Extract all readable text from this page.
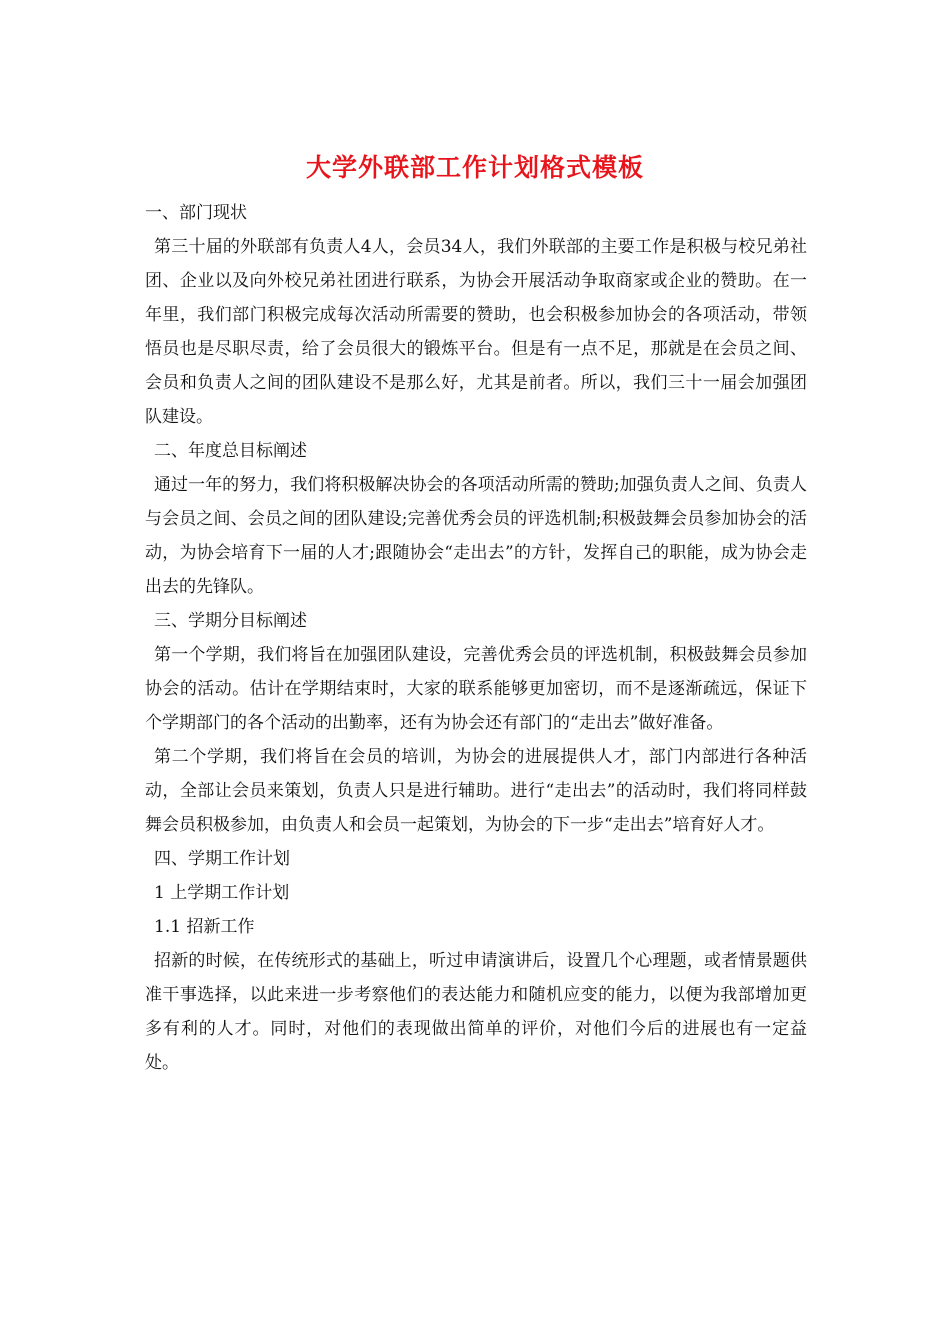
大学外联部工作计划格式模板

一、部门现状

第三十届的外联部有负责人4人，会员34人，我们外联部的主要工作是积极与校兄弟社团、企业以及向外校兄弟社团进行联系，为协会开展活动争取商家或企业的赞助。在一年里，我们部门积极完成每次活动所需要的赞助，也会积极参加协会的各项活动，带领悟员也是尽职尽责，给了会员很大的锻炼平台。但是有一点不足，那就是在会员之间、会员和负责人之间的团队建设不是那么好，尤其是前者。所以，我们三十一届会加强团队建设。

二、年度总目标阐述

通过一年的努力，我们将积极解决协会的各项活动所需的赞助;加强负责人之间、负责人与会员之间、会员之间的团队建设;完善优秀会员的评选机制;积极鼓舞会员参加协会的活动，为协会培育下一届的人才;跟随协会“走出去”的方针，发挥自己的职能，成为协会走出去的先锋队。

三、学期分目标阐述

第一个学期，我们将旨在加强团队建设，完善优秀会员的评选机制，积极鼓舞会员参加协会的活动。估计在学期结束时，大家的联系能够更加密切，而不是逐渐疏远，保证下个学期部门的各个活动的出勤率，还有为协会还有部门的“走出去”做好准备。

第二个学期，我们将旨在会员的培训，为协会的进展提供人才，部门内部进行各种活动，全部让会员来策划，负责人只是进行辅助。进行“走出去”的活动时，我们将同样鼓舞会员积极参加，由负责人和会员一起策划，为协会的下一步“走出去”培育好人才。

四、学期工作计划

1 上学期工作计划

1.1 招新工作

招新的时候，在传统形式的基础上，听过申请演讲后，设置几个心理题，或者情景题供准干事选择，以此来进一步考察他们的表达能力和随机应变的能力，以便为我部增加更多有利的人才。同时，对他们的表现做出简单的评价，对他们今后的进展也有一定益处。
